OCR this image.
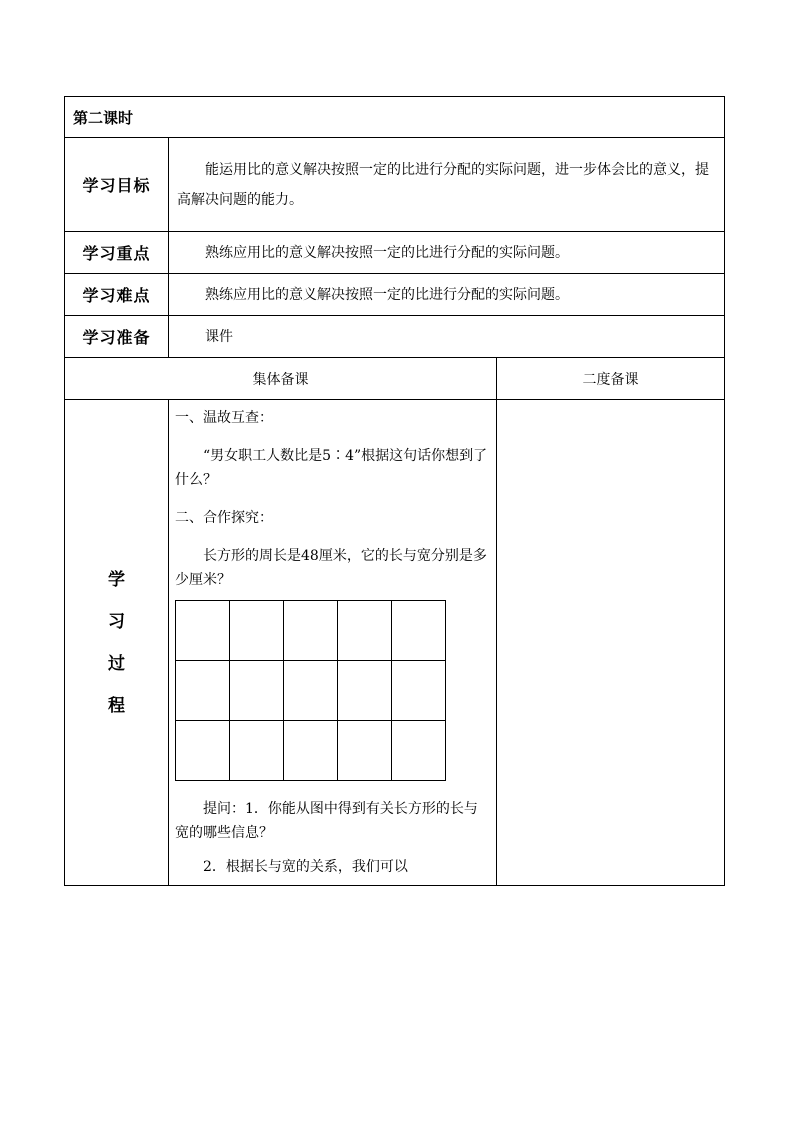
第二课时
学习目标	能运用比的意义解决按照一定的比进行分配的实际问题，进一步体会比的意义，提高解决问题的能力。
学习重点	熟练应用比的意义解决按照一定的比进行分配的实际问题。
学习难点	熟练应用比的意义解决按照一定的比进行分配的实际问题。
学习准备	课件
集体备课	二度备课

学
习
过
程

一、温故互查：

“男女职工人数比是5∶4”根据这句话你想到了什么？

二、合作探究：

长方形的周长是48厘米，它的长与宽分别是多少厘米？

提问：1．你能从图中得到有关长方形的长与宽的哪些信息？

2．根据长与宽的关系，我们可以
